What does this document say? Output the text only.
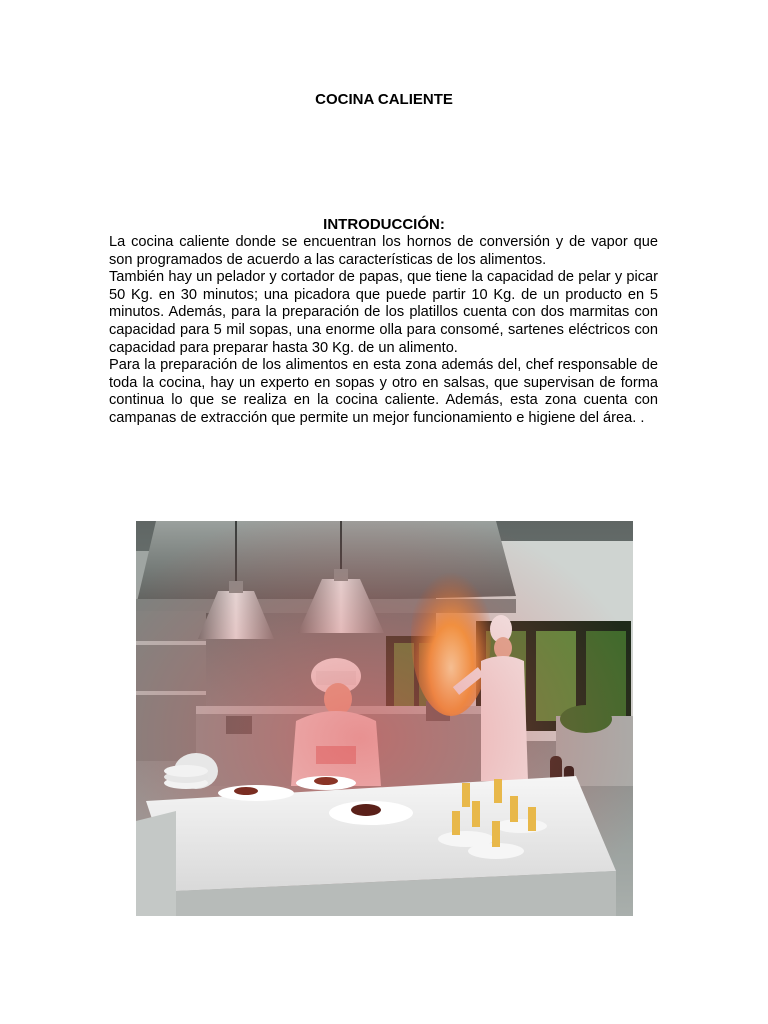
COCINA CALIENTE
INTRODUCCIÓN:

La cocina caliente donde se encuentran los hornos de conversión y de vapor que son programados de acuerdo a las características de los alimentos.

También hay un pelador y cortador de papas, que tiene la capacidad de pelar y picar 50 Kg. en 30 minutos; una picadora que puede partir 10 Kg. de un producto en 5 minutos. Además, para la preparación de los platillos cuenta con dos marmitas con capacidad para 5 mil sopas, una enorme olla para consomé, sartenes eléctricos con capacidad para preparar hasta 30 Kg. de un alimento.

Para la preparación de los alimentos en esta zona además del, chef responsable de toda la cocina, hay un experto en sopas y otro en salsas, que supervisan de forma continua lo que se realiza en la cocina caliente. Además, esta zona cuenta con campanas de extracción que permite un mejor funcionamiento e higiene del área. .
